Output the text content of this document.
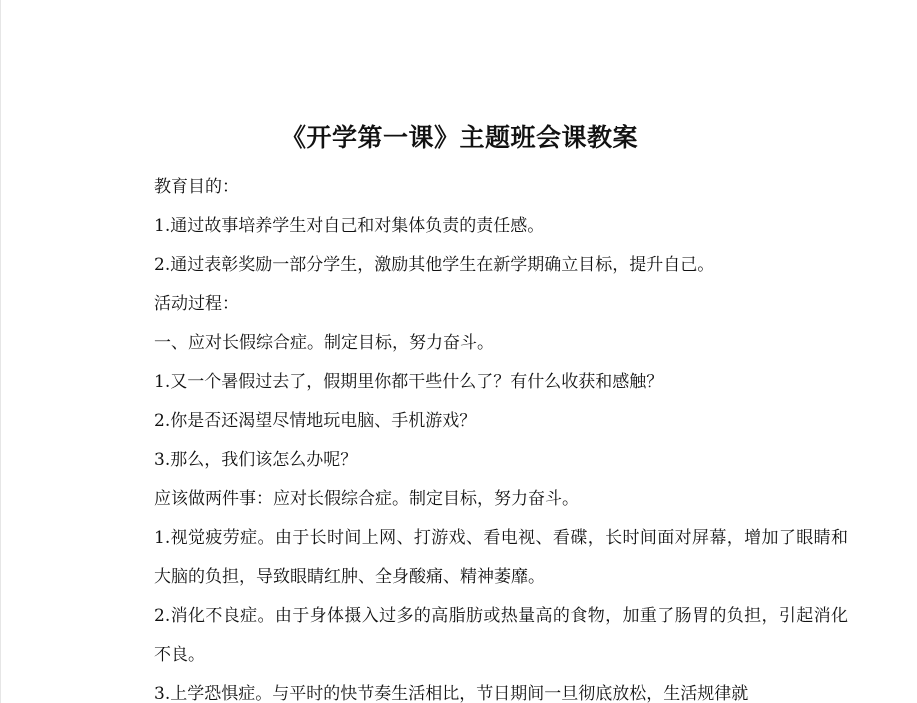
《开学第一课》主题班会课教案

教育目的：

1.通过故事培养学生对自己和对集体负责的责任感。

2.通过表彰奖励一部分学生，激励其他学生在新学期确立目标，提升自己。

活动过程：

一、应对长假综合症。制定目标，努力奋斗。

1.又一个暑假过去了，假期里你都干些什么了？有什么收获和感触？

2.你是否还渴望尽情地玩电脑、手机游戏？

3.那么，我们该怎么办呢？

应该做两件事：应对长假综合症。制定目标，努力奋斗。

1.视觉疲劳症。由于长时间上网、打游戏、看电视、看碟，长时间面对屏幕，增加了眼睛和大脑的负担，导致眼睛红肿、全身酸痛、精神萎靡。

2.消化不良症。由于身体摄入过多的高脂肪或热量高的食物，加重了肠胃的负担，引起消化不良。

3.上学恐惧症。与平时的快节奏生活相比，节日期间一旦彻底放松，生活规律就
